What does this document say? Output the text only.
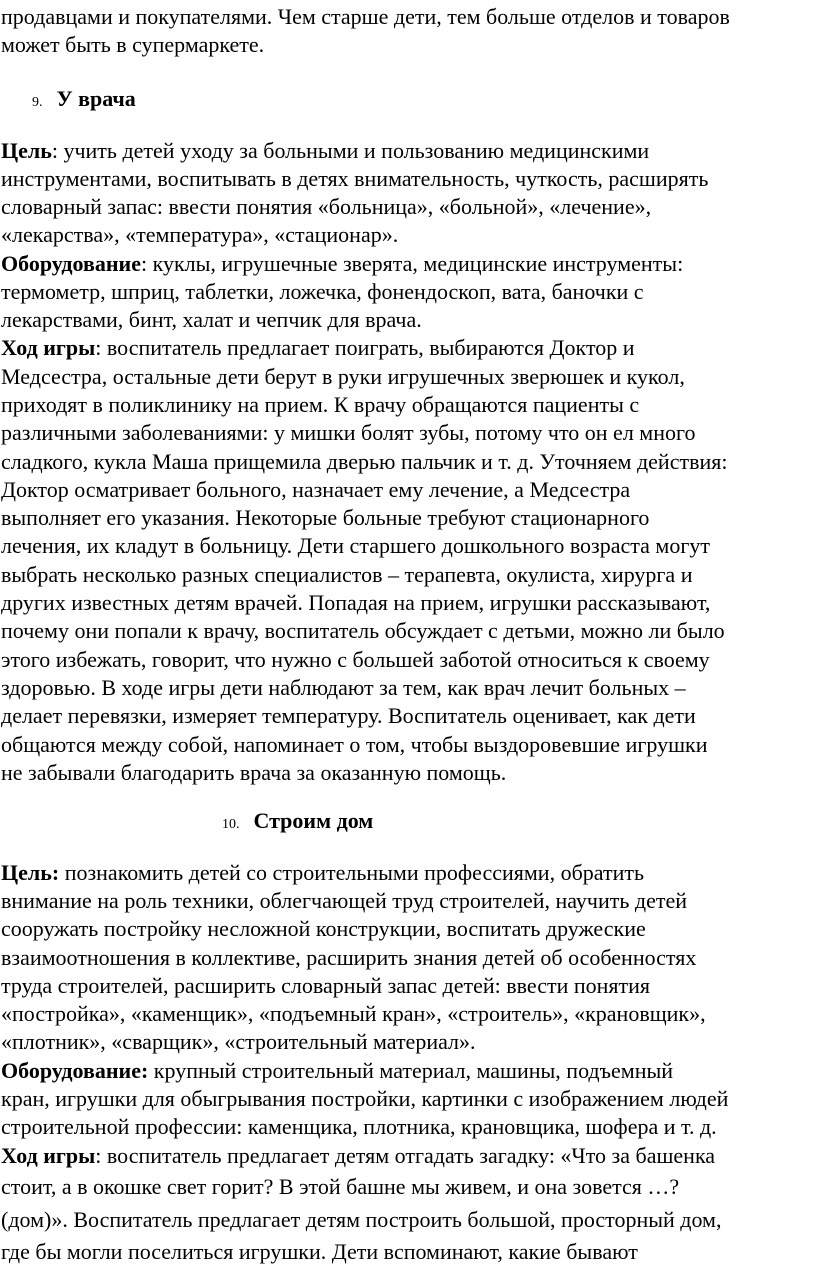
продавцами и покупателями. Чем старше дети, тем больше отделов и товаров
может быть в супермаркете.
9. У врача
Цель: учить детей уходу за больными и пользованию медицинскими
инструментами, воспитывать в детях внимательность, чуткость, расширять
словарный запас: ввести понятия «больница», «больной», «лечение»,
«лекарства», «температура», «стационар».
Оборудование: куклы, игрушечные зверята, медицинские инструменты:
термометр, шприц, таблетки, ложечка, фонендоскоп, вата, баночки с
лекарствами, бинт, халат и чепчик для врача.
Ход игры: воспитатель предлагает поиграть, выбираются Доктор и
Медсестра, остальные дети берут в руки игрушечных зверюшек и кукол,
приходят в поликлинику на прием. К врачу обращаются пациенты с
различными заболеваниями: у мишки болят зубы, потому что он ел много
сладкого, кукла Маша прищемила дверью пальчик и т. д. Уточняем действия:
Доктор осматривает больного, назначает ему лечение, а Медсестра
выполняет его указания. Некоторые больные требуют стационарного
лечения, их кладут в больницу. Дети старшего дошкольного возраста могут
выбрать несколько разных специалистов – терапевта, окулиста, хирурга и
других известных детям врачей. Попадая на прием, игрушки рассказывают,
почему они попали к врачу, воспитатель обсуждает с детьми, можно ли было
этого избежать, говорит, что нужно с большей заботой относиться к своему
здоровью. В ходе игры дети наблюдают за тем, как врач лечит больных –
делает перевязки, измеряет температуру. Воспитатель оценивает, как дети
общаются между собой, напоминает о том, чтобы выздоровевшие игрушки
не забывали благодарить врача за оказанную помощь.
10. Строим дом
Цель: познакомить детей со строительными профессиями, обратить
внимание на роль техники, облегчающей труд строителей, научить детей
сооружать постройку несложной конструкции, воспитать дружеские
взаимоотношения в коллективе, расширить знания детей об особенностях
труда строителей, расширить словарный запас детей: ввести понятия
«постройка», «каменщик», «подъемный кран», «строитель», «крановщик»,
«плотник», «сварщик», «строительный материал».
Оборудование: крупный строительный материал, машины, подъемный
кран, игрушки для обыгрывания постройки, картинки с изображением людей
строительной профессии: каменщика, плотника, крановщика, шофера и т. д.
Ход игры: воспитатель предлагает детям отгадать загадку: «Что за башенка
стоит, а в окошке свет горит? В этой башне мы живем, и она зовется …?
(дом)». Воспитатель предлагает детям построить большой, просторный дом,
где бы могли поселиться игрушки. Дети вспоминают, какие бывают
